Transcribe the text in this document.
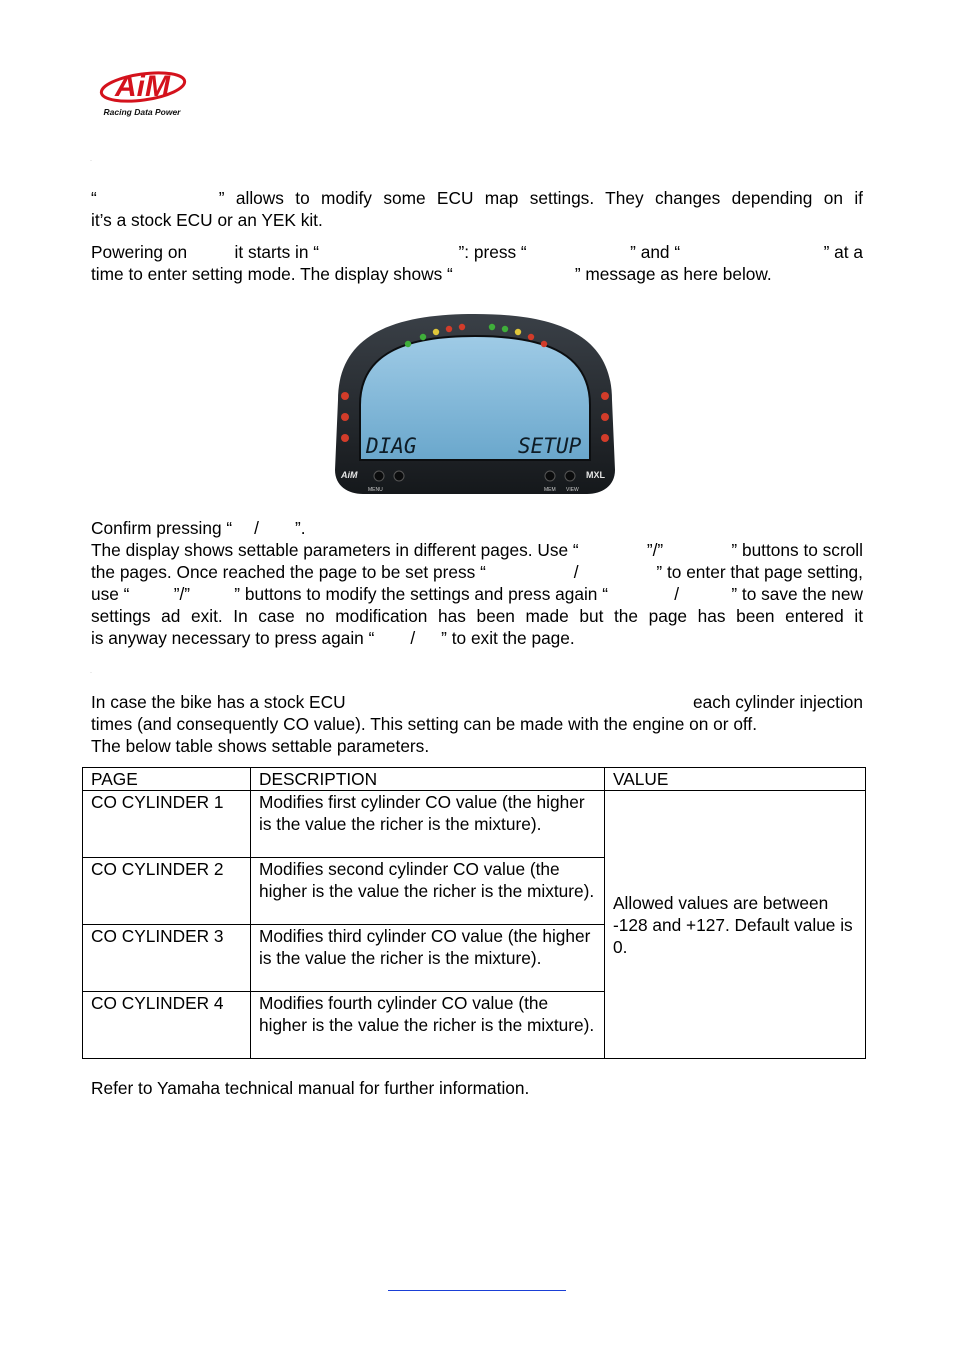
AiM
Racing Data Power
·
“	” allows to modify some ECU map settings. They changes depending on if
it’s a stock ECU or an YEK kit.
Powering on	it starts in “	”: press “	” and “	” at a
time to enter setting mode. The display shows “	” message as here below.
DIAG	SETUP
AiM
MENU	MEM VIEW
MXL
Confirm pressing “ / ”.
The display shows settable parameters in different pages. Use “	”/”	” buttons to scroll
the pages. Once reached the page to be set press “	/	” to enter that page setting,
use “	”/”	” buttons to modify the settings and press again “	/	” to save the new
settings ad exit. In case no modification has been made but the page has been entered it
is anyway necessary to press again “ / ” to exit the page.
·
In case the bike has a stock ECU	each cylinder injection
times (and consequently CO value). This setting can be made with the engine on or off.
The below table shows settable parameters.
PAGE	DESCRIPTION	VALUE
CO CYLINDER 1	Modifies first cylinder CO value (the higher is the value the richer is the mixture).	Allowed values are between -128 and +127. Default value is 0.
CO CYLINDER 2	Modifies second cylinder CO value (the higher is the value the richer is the mixture).	
CO CYLINDER 3	Modifies third cylinder CO value (the higher is the value the richer is the mixture).	
CO CYLINDER 4	Modifies fourth cylinder CO value (the higher is the value the richer is the mixture).	
Refer to Yamaha technical manual for further information.
